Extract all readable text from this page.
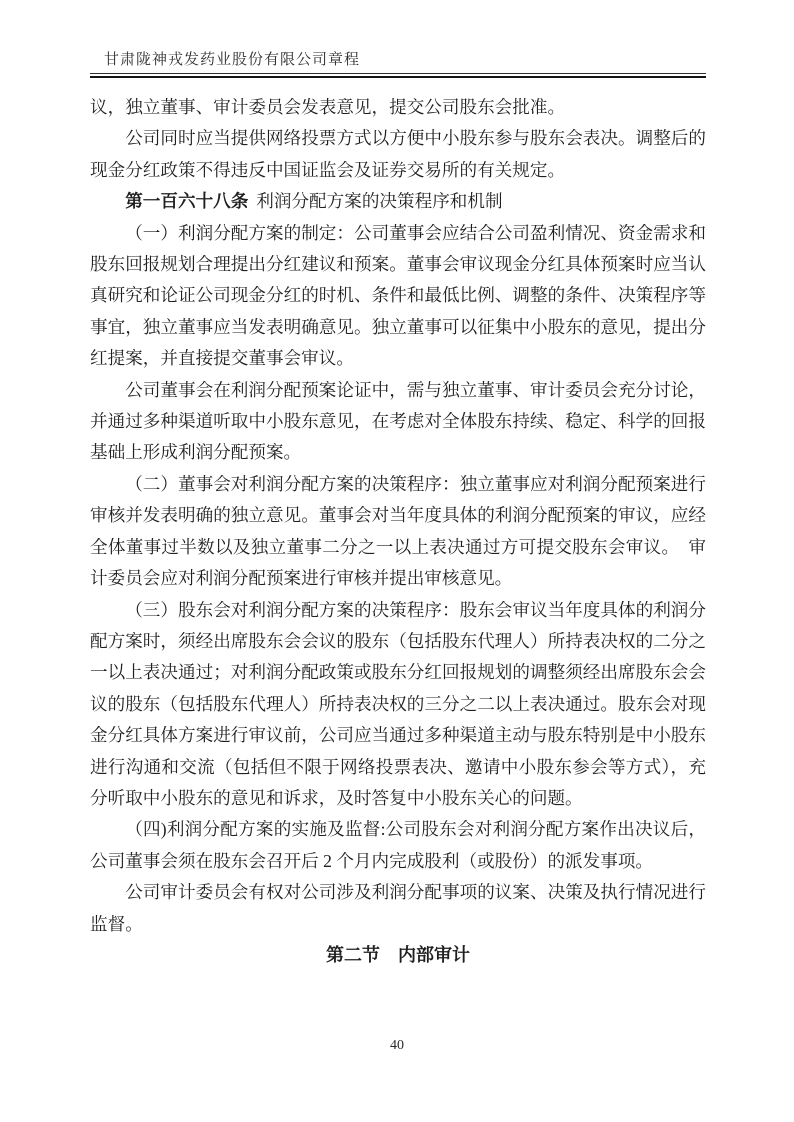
甘肃陇神戎发药业股份有限公司章程

议，独立董事、审计委员会发表意见，提交公司股东会批准。

公司同时应当提供网络投票方式以方便中小股东参与股东会表决。调整后的现金分红政策不得违反中国证监会及证券交易所的有关规定。

第一百六十八条 利润分配方案的决策程序和机制

（一）利润分配方案的制定：公司董事会应结合公司盈利情况、资金需求和股东回报规划合理提出分红建议和预案。董事会审议现金分红具体预案时应当认真研究和论证公司现金分红的时机、条件和最低比例、调整的条件、决策程序等事宜，独立董事应当发表明确意见。独立董事可以征集中小股东的意见，提出分红提案，并直接提交董事会审议。

公司董事会在利润分配预案论证中，需与独立董事、审计委员会充分讨论，并通过多种渠道听取中小股东意见，在考虑对全体股东持续、稳定、科学的回报基础上形成利润分配预案。

（二）董事会对利润分配方案的决策程序：独立董事应对利润分配预案进行审核并发表明确的独立意见。董事会对当年度具体的利润分配预案的审议，应经全体董事过半数以及独立董事二分之一以上表决通过方可提交股东会审议。　审计委员会应对利润分配预案进行审核并提出审核意见。

（三）股东会对利润分配方案的决策程序：股东会审议当年度具体的利润分配方案时，须经出席股东会会议的股东（包括股东代理人）所持表决权的二分之一以上表决通过；对利润分配政策或股东分红回报规划的调整须经出席股东会会议的股东（包括股东代理人）所持表决权的三分之二以上表决通过。股东会对现金分红具体方案进行审议前，公司应当通过多种渠道主动与股东特别是中小股东进行沟通和交流（包括但不限于网络投票表决、邀请中小股东参会等方式），充分听取中小股东的意见和诉求，及时答复中小股东关心的问题。

（四)利润分配方案的实施及监督:公司股东会对利润分配方案作出决议后，公司董事会须在股东会召开后 2 个月内完成股利（或股份）的派发事项。

公司审计委员会有权对公司涉及利润分配事项的议案、决策及执行情况进行监督。

第二节　内部审计

40
